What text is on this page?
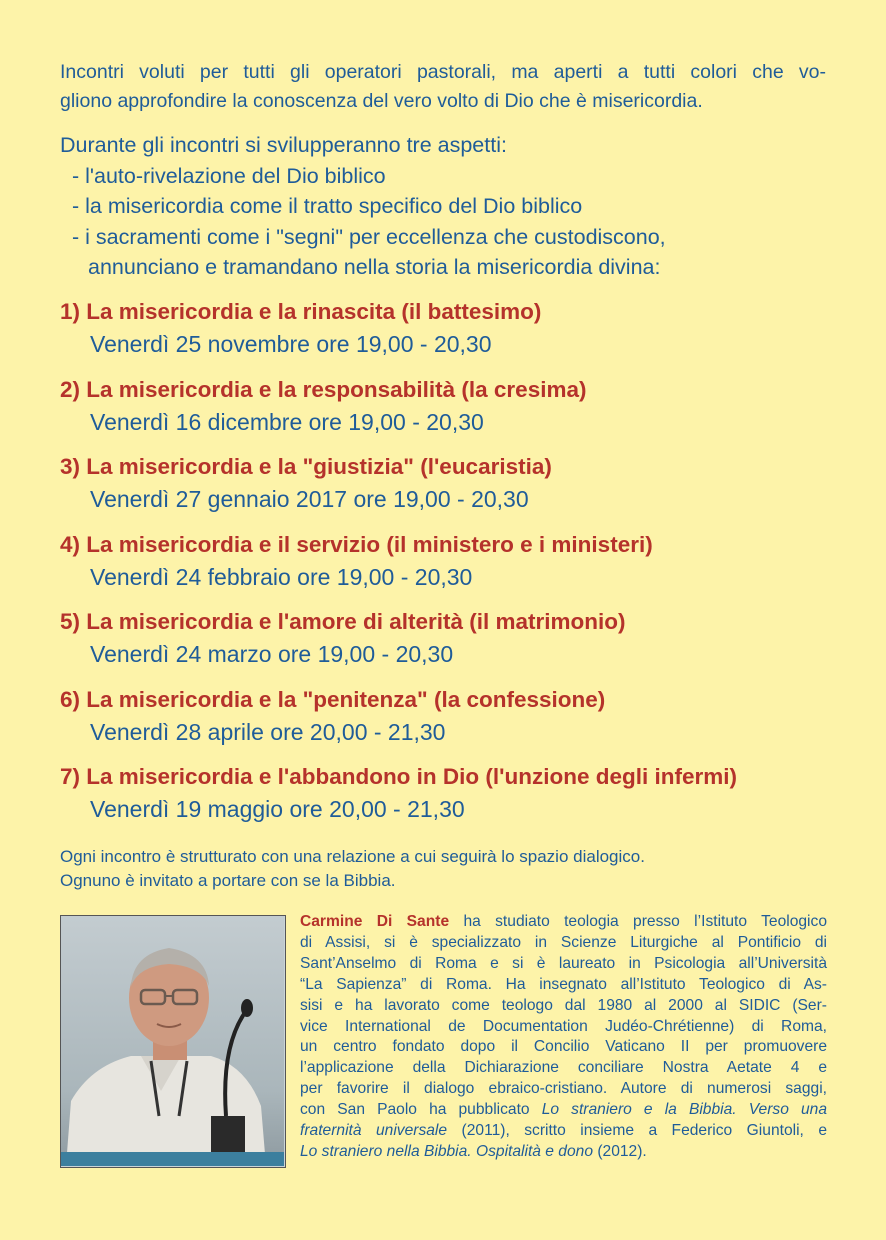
Incontri voluti per tutti gli operatori pastorali, ma aperti a tutti colori che vo-
gliono approfondire la conoscenza del vero volto di Dio che è misericordia.
Durante gli incontri si svilupperanno tre aspetti:
- l'auto-rivelazione del Dio biblico
- la misericordia come il tratto specifico del Dio biblico
- i sacramenti come i "segni" per eccellenza che custodiscono,
annunciano e tramandano nella storia la misericordia divina:
1) La misericordia e la rinascita (il battesimo)
Venerdì 25 novembre ore 19,00 - 20,30
2) La misericordia e la responsabilità (la cresima)
Venerdì 16 dicembre ore 19,00 - 20,30
3) La misericordia e la "giustizia" (l'eucaristia)
Venerdì 27 gennaio 2017 ore 19,00 - 20,30
4) La misericordia e il servizio (il ministero e i ministeri)
Venerdì 24 febbraio ore 19,00 - 20,30
5) La misericordia e l'amore di alterità (il matrimonio)
Venerdì 24 marzo ore 19,00 - 20,30
6) La misericordia e la "penitenza" (la confessione)
Venerdì 28 aprile ore 20,00 - 21,30
7) La misericordia e l'abbandono in Dio (l'unzione degli infermi)
Venerdì 19 maggio ore 20,00 - 21,30
Ogni incontro è strutturato con una relazione a cui seguirà lo spazio dialogico.
Ognuno è invitato a portare con se la Bibbia.
Carmine Di Sante ha studiato teologia presso l’Istituto Teologico
di Assisi, si è specializzato in Scienze Liturgiche al Pontificio di
Sant’Anselmo di Roma e si è laureato in Psicologia all’Università
“La Sapienza” di Roma. Ha insegnato all’Istituto Teologico di As-
sisi e ha lavorato come teologo dal 1980 al 2000 al SIDIC (Ser-
vice International de Documentation Judéo-Chrétienne) di Roma,
un centro fondato dopo il Concilio Vaticano II per promuovere
l’applicazione della Dichiarazione conciliare Nostra Aetate 4 e
per favorire il dialogo ebraico-cristiano. Autore di numerosi saggi,
con San Paolo ha pubblicato Lo straniero e la Bibbia. Verso una
fraternità universale (2011), scritto insieme a Federico Giuntoli, e
Lo straniero nella Bibbia. Ospitalità e dono (2012).
